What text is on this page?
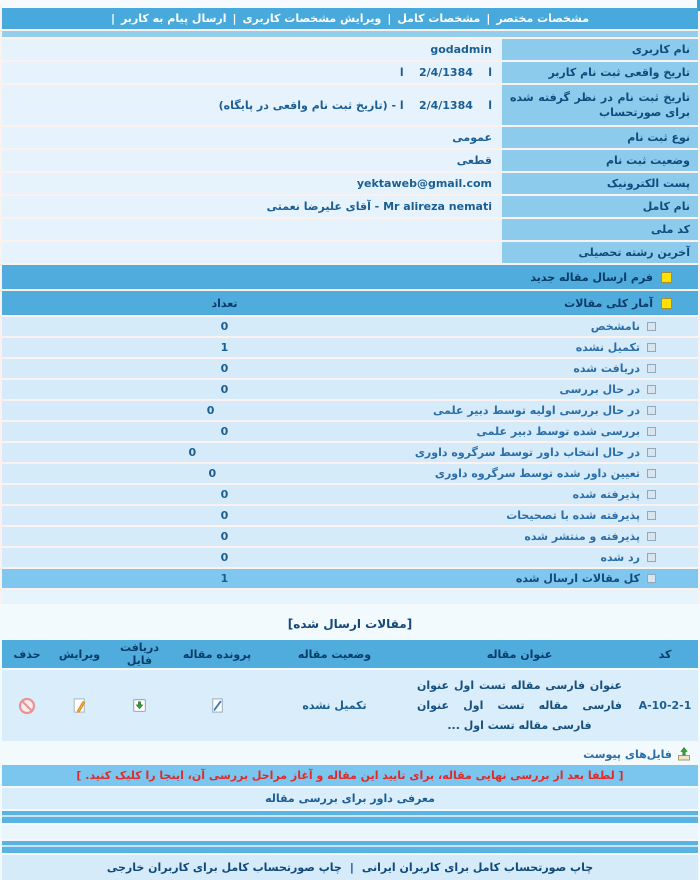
مشخصات مختصر|مشخصات کامل|ویرایش مشخصات کاربری|ارسال پیام به کاربر|
نام کاربری
godadmin
تاریخ واقعی ثبت نام کاربر
ا    2/4/1384    ا
تاریخ ثبت نام در نظر گرفته شده برای صورتحساب
ا    2/4/1384    ا - (تاریخ ثبت نام واقعی در پایگاه)
نوع ثبت نام
عمومی
وضعیت ثبت نام
قطعی
پست الکترونیک
yektaweb@gmail.com
نام کامل
Mr alireza nemati - آقای علیرضا نعمتی
کد ملی
آخرین رشته تحصیلی
فرم ارسال مقاله جدید
آمار کلی مقالات
تعداد
نامشخص
0
تکمیل نشده
1
دریافت شده
0
در حال بررسی
0
در حال بررسی اولیه توسط دبیر علمی
0
بررسی شده توسط دبیر علمی
0
در حال انتخاب داور توسط سرگروه داوری
0
تعیین داور شده توسط سرگروه داوری
0
پذیرفته شده
0
پذیرفته شده با تصحیحات
0
پذیرفته و منتشر شده
0
رد شده
0
کل مقالات ارسال شده
1
[مقالات ارسال شده]
کد
عنوان مقاله
وضعیت مقاله
پرونده مقاله
دریافت فایل
ویرایش
حذف
A-10-2-1
عنوان فارسی مقاله تست اول عنوان فارسی مقاله تست اول عنوان فارسی مقاله تست اول ...
تکمیل نشده
فایل‌های پیوست
[ لطفا بعد از بررسی نهایی مقاله، برای تایید این مقاله و آغاز مراحل بررسی آن، اینجا را کلیک کنید. ]
معرفی داور برای بررسی مقاله
چاپ صورتحساب کامل برای کاربران ایرانی|چاپ صورتحساب کامل برای کاربران خارجی
